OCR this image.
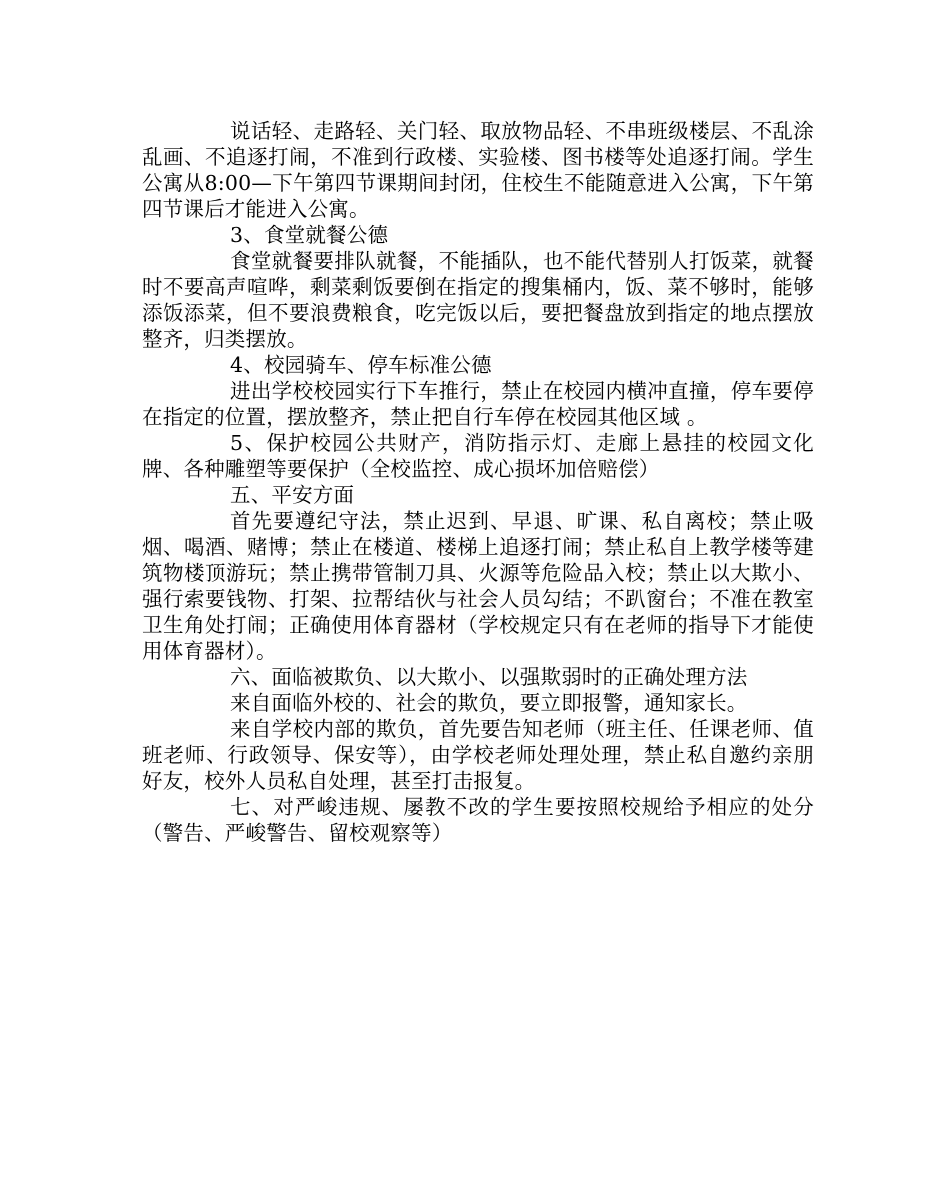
说话轻、走路轻、关门轻、取放物品轻、不串班级楼层、不乱涂乱画、不追逐打闹，不准到行政楼、实验楼、图书楼等处追逐打闹。学生公寓从8:00—下午第四节课期间封闭，住校生不能随意进入公寓，下午第四节课后才能进入公寓。

3、食堂就餐公德

食堂就餐要排队就餐，不能插队，也不能代替别人打饭菜，就餐时不要高声喧哗，剩菜剩饭要倒在指定的搜集桶内，饭、菜不够时，能够添饭添菜，但不要浪费粮食，吃完饭以后，要把餐盘放到指定的地点摆放整齐，归类摆放。

4、校园骑车、停车标准公德

进出学校校园实行下车推行，禁止在校园内横冲直撞，停车要停在指定的位置，摆放整齐，禁止把自行车停在校园其他区域 。

5、保护校园公共财产，消防指示灯、走廊上悬挂的校园文化牌、各种雕塑等要保护（全校监控、成心损坏加倍赔偿）

五、平安方面

首先要遵纪守法，禁止迟到、早退、旷课、私自离校；禁止吸烟、喝酒、赌博；禁止在楼道、楼梯上追逐打闹；禁止私自上教学楼等建筑物楼顶游玩；禁止携带管制刀具、火源等危险品入校；禁止以大欺小、强行索要钱物、打架、拉帮结伙与社会人员勾结；不趴窗台；不准在教室卫生角处打闹；正确使用体育器材（学校规定只有在老师的指导下才能使用体育器材）。

六、面临被欺负、以大欺小、以强欺弱时的正确处理方法

来自面临外校的、社会的欺负，要立即报警，通知家长。

来自学校内部的欺负，首先要告知老师（班主任、任课老师、值班老师、行政领导、保安等），由学校老师处理处理，禁止私自邀约亲朋好友，校外人员私自处理，甚至打击报复。

七、对严峻违规、屡教不改的学生要按照校规给予相应的处分（警告、严峻警告、留校观察等）
